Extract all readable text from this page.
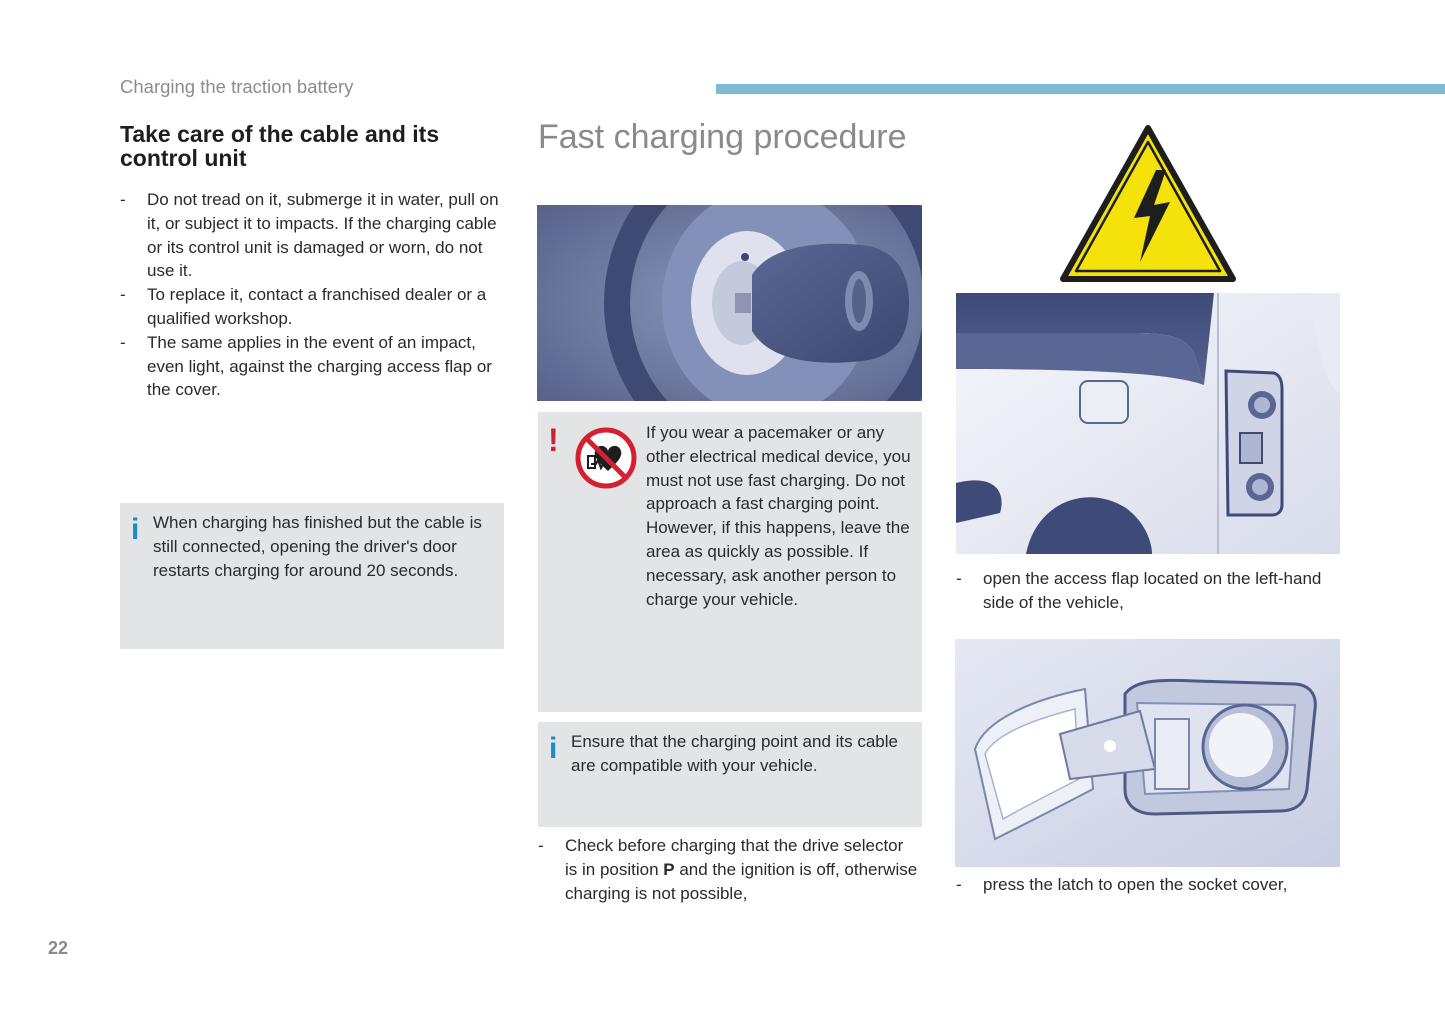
Charging the traction battery
Take care of the cable and its control unit
- Do not tread on it, submerge it in water, pull on it, or subject it to impacts. If the charging cable or its control unit is damaged or worn, do not use it.
- To replace it, contact a franchised dealer or a qualified workshop.
- The same applies in the event of an impact, even light, against the charging access flap or the cover.
i When charging has finished but the cable is still connected, opening the driver's door restarts charging for around 20 seconds.
Fast charging procedure
!	If you wear a pacemaker or any other electrical medical device, you must not use fast charging. Do not approach a fast charging point. However, if this happens, leave the area as quickly as possible. If necessary, ask another person to charge your vehicle.
i Ensure that the charging point and its cable are compatible with your vehicle.
- Check before charging that the drive selector is in position P and the ignition is off, otherwise charging is not possible,
- open the access flap located on the left-hand side of the vehicle,
- press the latch to open the socket cover,
22
